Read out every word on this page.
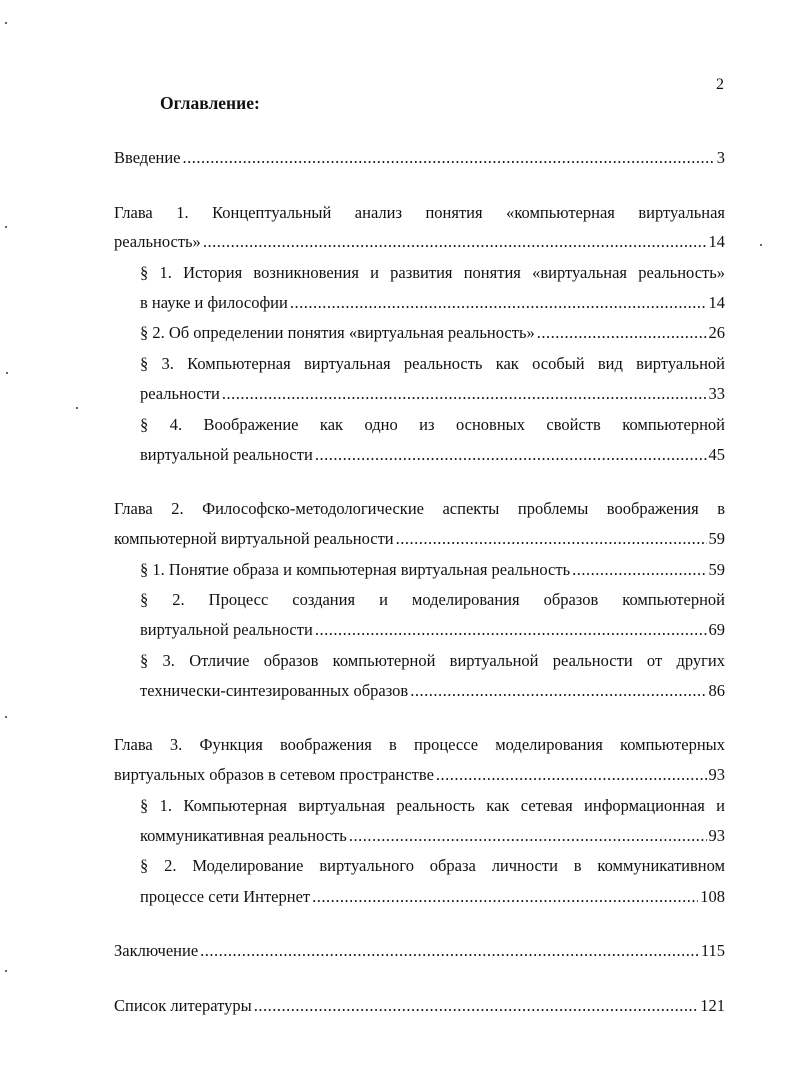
2
Оглавление:
Введение .....	3
Глава 1. Концептуальный анализ понятия «компьютерная виртуальная
реальность» .....	14
§ 1. История возникновения и развития понятия «виртуальная реальность»
в науке и философии .....	14
§ 2. Об определении понятия «виртуальная реальность» .....	26
§ 3. Компьютерная виртуальная реальность как особый вид виртуальной
реальности .....	33
§ 4. Воображение как одно из основных свойств компьютерной
виртуальной реальности .....	45
Глава 2. Философско-методологические аспекты проблемы воображения в
компьютерной виртуальной реальности .....	59
§ 1. Понятие образа и компьютерная виртуальная реальность .....	59
§ 2. Процесс создания и моделирования образов компьютерной
виртуальной реальности .....	69
§ 3. Отличие образов компьютерной виртуальной реальности от других
технически-синтезированных образов .....	86
Глава 3. Функция воображения в процессе моделирования компьютерных
виртуальных образов в сетевом пространстве .....	93
§ 1. Компьютерная виртуальная реальность как сетевая информационная и
коммуникативная реальность .....	93
§ 2. Моделирование виртуального образа личности в коммуникативном
процессе сети Интернет .....	108
Заключение .....	115
Список литературы .....	121
